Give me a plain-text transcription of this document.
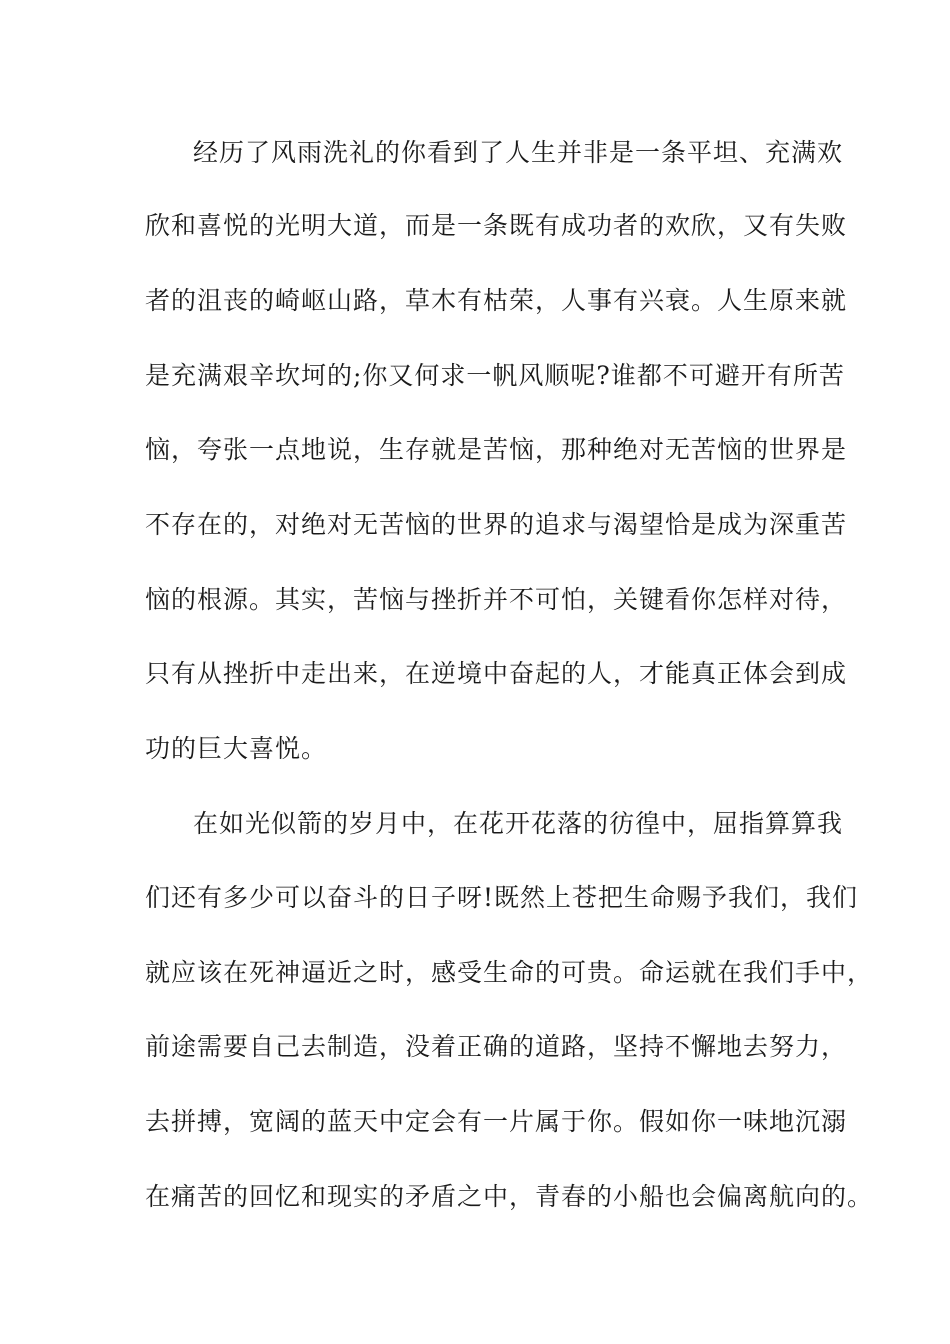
经历了风雨洗礼的你看到了人生并非是一条平坦、充满欢
欣和喜悦的光明大道，而是一条既有成功者的欢欣，又有失败
者的沮丧的崎岖山路，草木有枯荣，人事有兴衰。人生原来就
是充满艰辛坎坷的;你又何求一帆风顺呢?谁都不可避开有所苦
恼，夸张一点地说，生存就是苦恼，那种绝对无苦恼的世界是
不存在的，对绝对无苦恼的世界的追求与渴望恰是成为深重苦
恼的根源。其实，苦恼与挫折并不可怕，关键看你怎样对待，
只有从挫折中走出来，在逆境中奋起的人，才能真正体会到成
功的巨大喜悦。
在如光似箭的岁月中，在花开花落的彷徨中，屈指算算我
们还有多少可以奋斗的日子呀!既然上苍把生命赐予我们，我们
就应该在死神逼近之时，感受生命的可贵。命运就在我们手中，
前途需要自己去制造，没着正确的道路，坚持不懈地去努力，
去拼搏，宽阔的蓝天中定会有一片属于你。假如你一味地沉溺
在痛苦的回忆和现实的矛盾之中，青春的小船也会偏离航向的。
